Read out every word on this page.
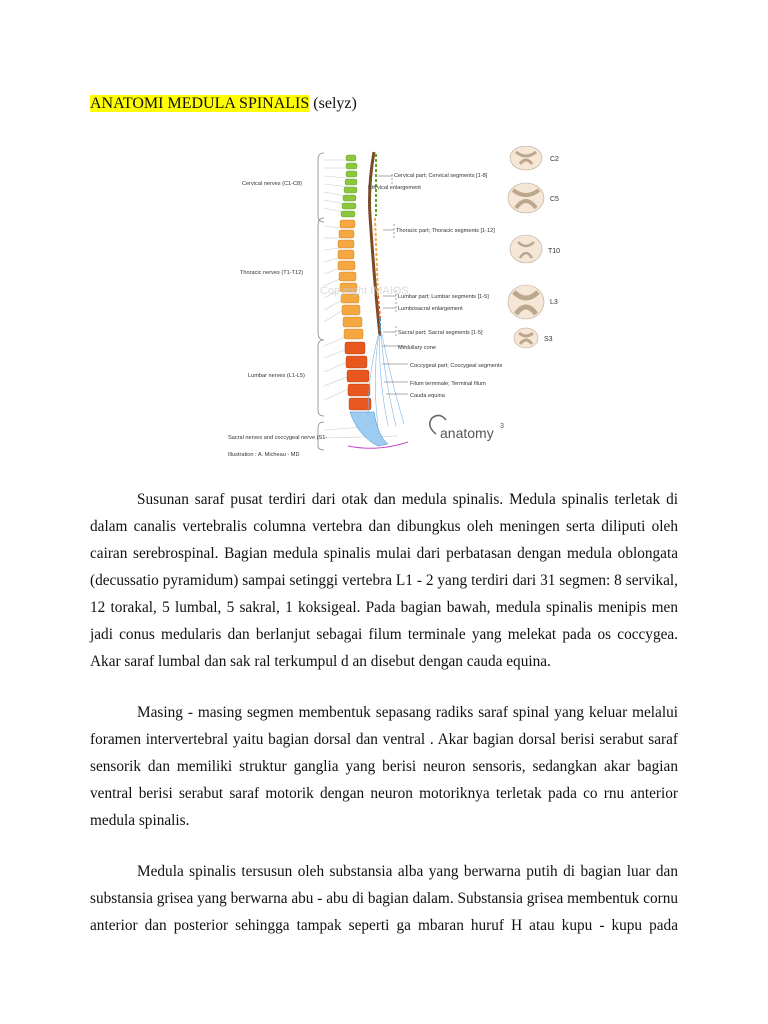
ANATOMI MEDULA SPINALIS (selyz)
Cervical nerves (C1-C8)
Thoracic nerves (T1-T12)
Lumbar nerves (L1-L5)
Sacral nerves and coccygeal nerve (S1-
Illustration : A. Micheau - MD
Cervical part; Cervical segments [1-8]
Cervical enlargement
Thoracic part; Thoracic segments [1-12]
Lumbar part; Lumbar segments [1-5]
Lumbosacral enlargement
Sacral part; Sacral segments [1-5]
Medullary cone
Coccygeal part; Coccygeal segments
Filum terminale; Terminal filum
Cauda equina
C2
C5
T10
L3
S3
Copyright IMAIOS
anatomy 3

Susunan saraf pusat terdiri dari otak dan medula spinalis. Medula spinalis terletak di dalam canalis vertebralis columna vertebra dan dibungkus oleh meningen serta diliputi oleh cairan serebrospinal. Bagian medula spinalis mulai dari perbatasan dengan medula oblongata (decussatio pyramidum) sampai setinggi vertebra L1 - 2 yang terdiri dari 31 segmen: 8 servikal, 12 torakal, 5 lumbal, 5 sakral, 1 koksigeal. Pada bagian bawah, medula spinalis menipis men jadi conus medularis dan berlanjut sebagai filum terminale yang melekat pada os coccygea. Akar saraf lumbal dan sak ral terkumpul d an disebut dengan cauda equina.

Masing - masing segmen membentuk sepasang radiks saraf spinal yang keluar melalui foramen intervertebral yaitu bagian dorsal dan ventral . Akar bagian dorsal berisi serabut saraf sensorik dan memiliki struktur ganglia yang berisi neuron sensoris, sedangkan akar bagian ventral berisi serabut saraf motorik dengan neuron motoriknya terletak pada co rnu anterior medula spinalis.

Medula spinalis tersusun oleh substansia alba yang berwarna putih di bagian luar dan substansia grisea yang berwarna abu - abu di bagian dalam. Substansia grisea membentuk cornu anterior dan posterior sehingga tampak seperti ga mbaran huruf H atau kupu - kupu pada
